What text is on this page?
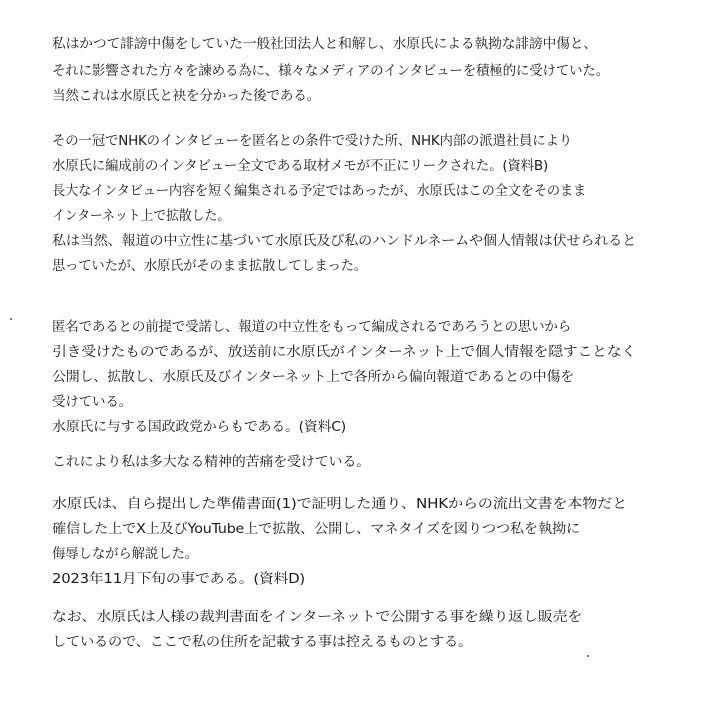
私はかつて誹謗中傷をしていた一般社団法人と和解し、水原氏による執拗な誹謗中傷と、
それに影響された方々を諫める為に、様々なメディアのインタビューを積極的に受けていた。
当然これは水原氏と袂を分かった後である。
その一冠でNHKのインタビューを匿名との条件で受けた所、NHK内部の派遣社員により
水原氏に編成前のインタビュー全文である取材メモが不正にリークされた。(資料B)
長大なインタビュー内容を短く編集される予定ではあったが、水原氏はこの全文をそのまま
インターネット上で拡散した。
私は当然、報道の中立性に基づいて水原氏及び私のハンドルネームや個人情報は伏せられると
思っていたが、水原氏がそのまま拡散してしまった。
匿名であるとの前提で受諾し、報道の中立性をもって編成されるであろうとの思いから
引き受けたものであるが、放送前に水原氏がインターネット上で個人情報を隠すことなく
公開し、拡散し、水原氏及びインターネット上で各所から偏向報道であるとの中傷を
受けている。
水原氏に与する国政政党からもである。(資料C)
これにより私は多大なる精神的苦痛を受けている。
水原氏は、自ら提出した準備書面(1)で証明した通り、NHKからの流出文書を本物だと
確信した上でX上及びYouTube上で拡散、公開し、マネタイズを図りつつ私を執拗に
侮辱しながら解説した。
2023年11月下旬の事である。(資料D)
なお、水原氏は人様の裁判書面をインターネットで公開する事を繰り返し販売を
しているので、ここで私の住所を記載する事は控えるものとする。
